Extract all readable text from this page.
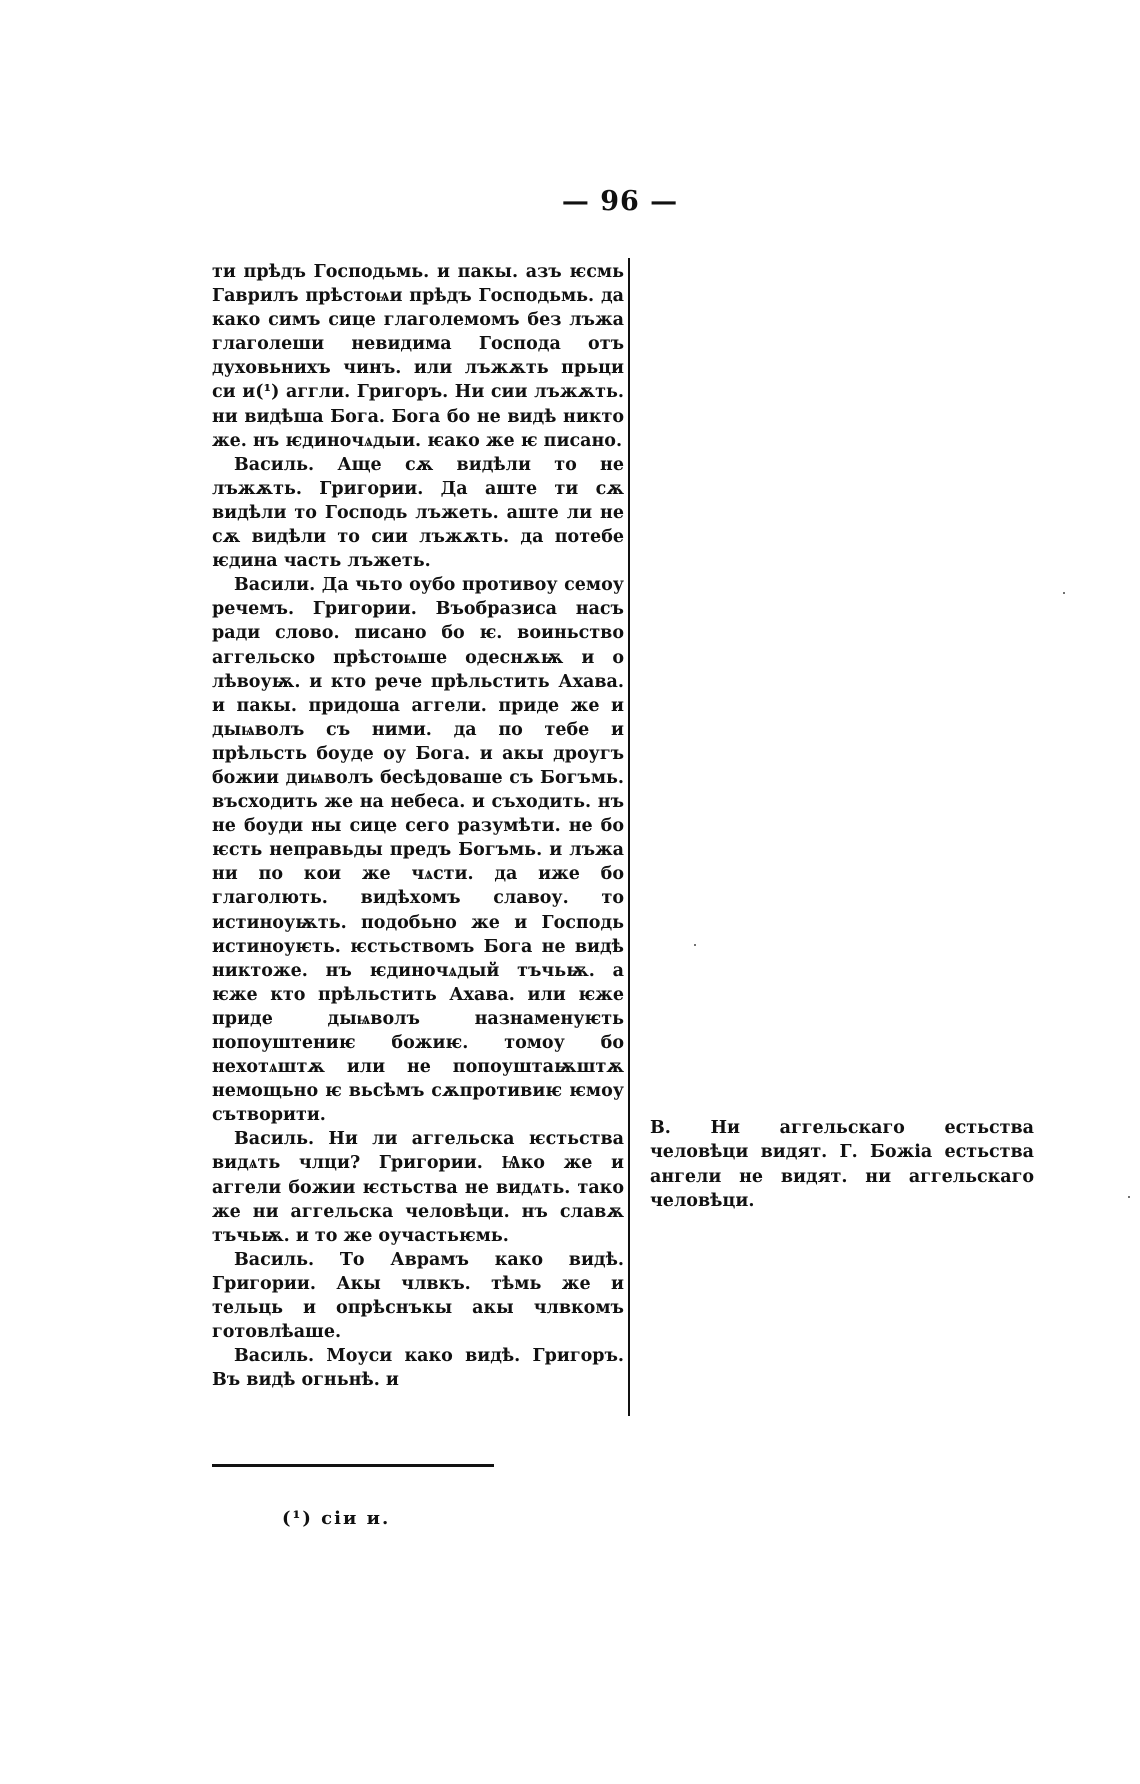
— 96 —

ти прѣдъ Господьмь. и пакы. азъ ѥсмь Гаврилъ прѣстоѩи прѣдъ Господьмь. да како симъ сице глаголемомъ без лъжа глаголеши невидима Господа отъ духовьнихъ чинъ. или лъжѫть прьци си и(¹) аггли. Григоръ. Ни сии лъжѫть. ни видѣша Бога. Бога бо не видѣ никто же. нъ ѥдиночѧдыи. ѥако же ѥ писано.

Василь. Аще сѫ видѣли то не лъжѫть. Григории. Да аште ти сѫ видѣли то Господь лъжеть. аште ли не сѫ видѣли то сии лъжѫть. да потебе ѥдина часть лъжеть.

Васили. Да чьто оубо противоу семоу речемъ. Григории. Въобразиса насъ ради слово. писано бо ѥ. воиньство аггельско прѣстоѩше одеснѫѭ и о лѣвоуѭ. и кто рече прѣльстить Ахава. и пакы. придоша аггели. приде же и дыѩволъ съ ними. да по тебе и прѣльсть боуде оу Бога. и акы дроугъ божии диѩволъ бесѣдоваше съ Богъмь. въсходить же на небеса. и съходить. нъ не боуди ны сице сего разумѣти. не бо ѥсть неправьды предъ Богъмь. и лъжа ни по кои же чѧсти. да иже бо глаголють. видѣхомъ славоу. то истиноуѭть. подобьно же и Господь истиноуѥть. ѥстьствомъ Бога не видѣ никтоже. нъ ѥдиночѧдый тъчьѭ. а ѥже кто прѣльстить Ахава. или ѥже приде дыѩволъ назнаменуѥть попоуштениѥ божиѥ. томоу бо нехотѧштѫ или не попоуштаѭштѫ немощьно ѥ вьсѣмъ сѫпротивиѥ ѥмоу сътворити.

Василь. Ни ли аггельска ѥстьства видѧть члци? Григории. Ѩко же и аггели божии ѥстьства не видѧть. тако же ни аггельска человѣци. нъ славѫ тъчьѭ. и то же оучастьѥмь.

Василь. То Аврамъ како видѣ. Григории. Акы члвкъ. тѣмь же и тельць и опрѣснъкы акы члвкомъ готовлѣаше.

Василь. Моуси како видѣ. Григоръ. Въ видѣ огньнѣ. и

В. Ни аггельскаго естьства человѣци видят. Г. Божіа естьства ангели не видят. ни аггельскаго человѣци.
(¹) сіи и.
